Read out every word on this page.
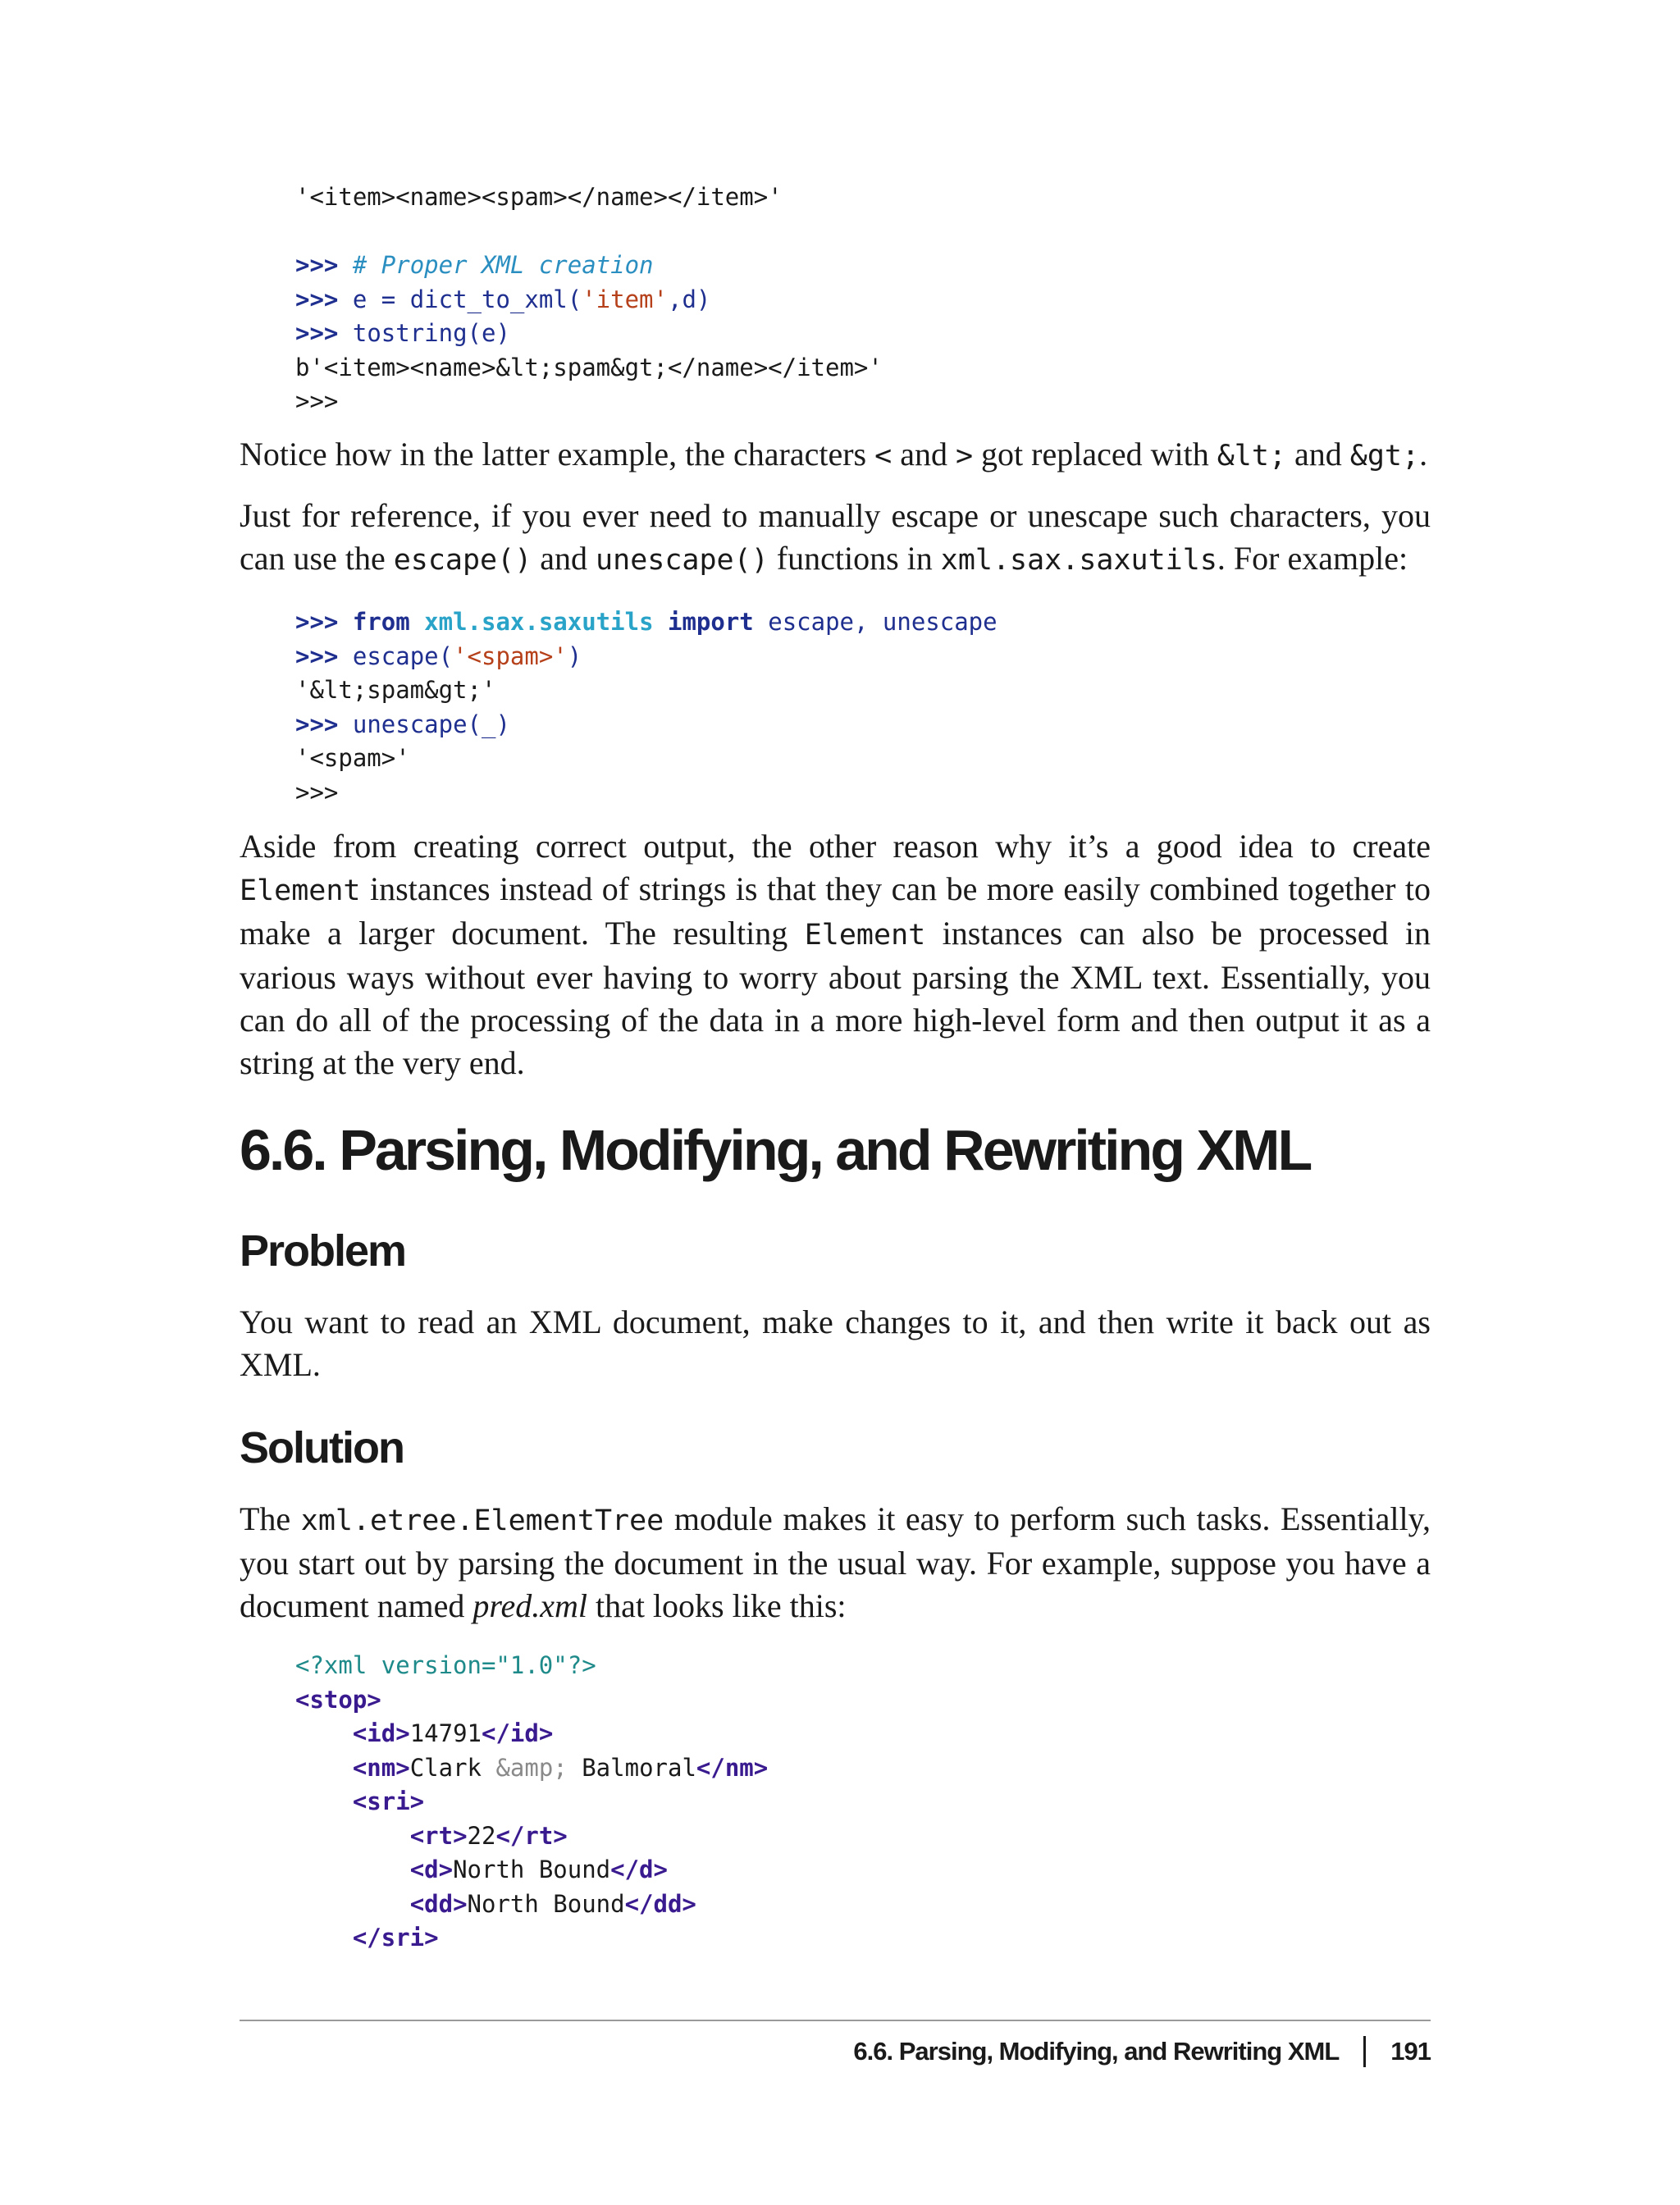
'<item><name><spam></name></item>'
>>> # Proper XML creation
>>> e = dict_to_xml('item',d)
>>> tostring(e)
b'<item><name>&lt;spam&gt;</name></item>'
>>>

Notice how in the latter example, the characters < and > got replaced with &lt; and &gt;.

Just for reference, if you ever need to manually escape or unescape such characters, you can use the escape() and unescape() functions in xml.sax.saxutils. For example:

>>> from xml.sax.saxutils import escape, unescape
>>> escape('<spam>')
'&lt;spam&gt;'
>>> unescape(_)
'<spam>'
>>>

Aside from creating correct output, the other reason why it’s a good idea to create Element instances instead of strings is that they can be more easily combined together to make a larger document. The resulting Element instances can also be processed in various ways without ever having to worry about parsing the XML text. Essentially, you can do all of the processing of the data in a more high-level form and then output it as a string at the very end.

6.6. Parsing, Modifying, and Rewriting XML
Problem

You want to read an XML document, make changes to it, and then write it back out as XML.

Solution

The xml.etree.ElementTree module makes it easy to perform such tasks. Essentially, you start out by parsing the document in the usual way. For example, suppose you have a document named pred.xml that looks like this:

<?xml version="1.0"?>
<stop>
<id>14791</id>
<nm>Clark &amp; Balmoral</nm>
<sri>
<rt>22</rt>
<d>North Bound</d>
<dd>North Bound</dd>
</sri>
6.6. Parsing, Modifying, and Rewriting XML 191
